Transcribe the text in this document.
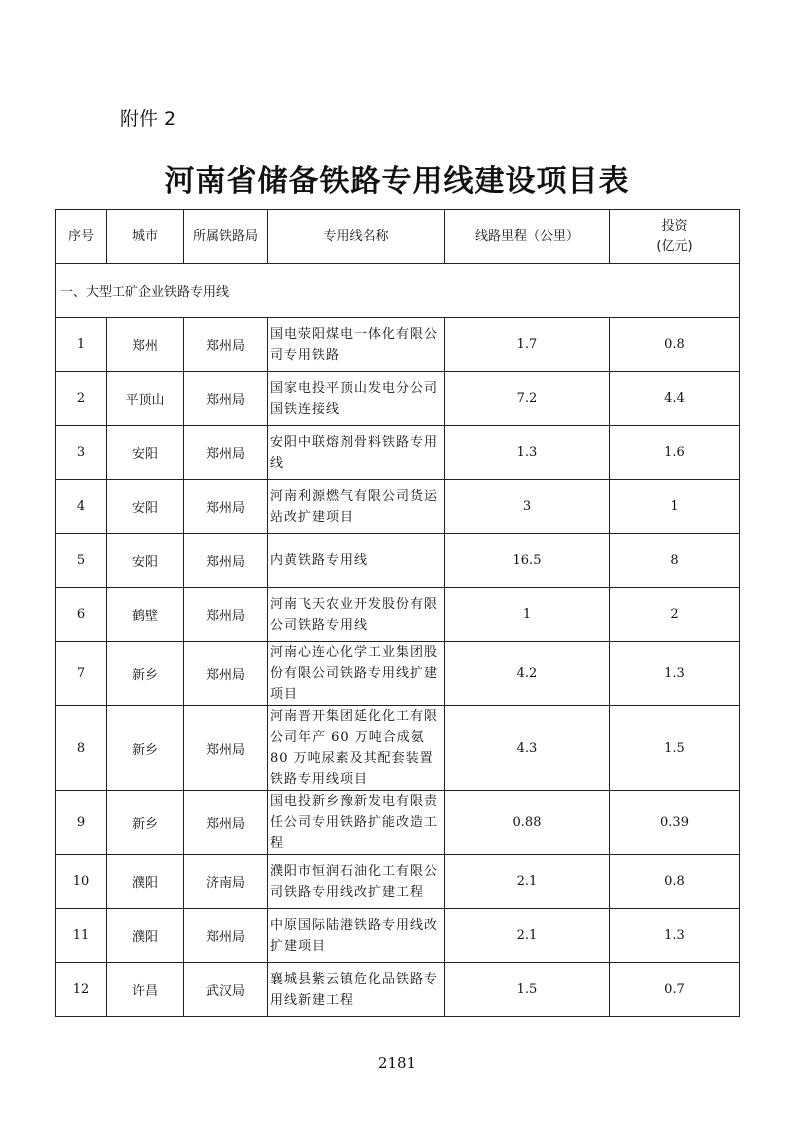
附件 2
河南省储备铁路专用线建设项目表
序号	城市	所属铁路局	专用线名称	线路里程（公里）	投资
(亿元)

一、大型工矿企业铁路专用线					
1	郑州	郑州局	国电荥阳煤电一体化有限公司专用铁路	1.7	0.8
2	平顶山	郑州局	国家电投平顶山发电分公司国铁连接线	7.2	4.4
3	安阳	郑州局	安阳中联熔剂骨料铁路专用线	1.3	1.6
4	安阳	郑州局	河南利源燃气有限公司货运站改扩建项目	3	1
5	安阳	郑州局	内黄铁路专用线	16.5	8
6	鹤壁	郑州局	河南飞天农业开发股份有限公司铁路专用线	1	2
7	新乡	郑州局	河南心连心化学工业集团股份有限公司铁路专用线扩建项目	4.2	1.3
8	新乡	郑州局	河南晋开集团延化化工有限公司年产 60 万吨合成氨 80 万吨尿素及其配套装置铁路专用线项目	4.3	1.5
9	新乡	郑州局	国电投新乡豫新发电有限责任公司专用铁路扩能改造工程	0.88	0.39
10	濮阳	济南局	濮阳市恒润石油化工有限公司铁路专用线改扩建工程	2.1	0.8
11	濮阳	郑州局	中原国际陆港铁路专用线改扩建项目	2.1	1.3
12	许昌	武汉局	襄城县紫云镇危化品铁路专用线新建工程	1.5	0.7
2181
